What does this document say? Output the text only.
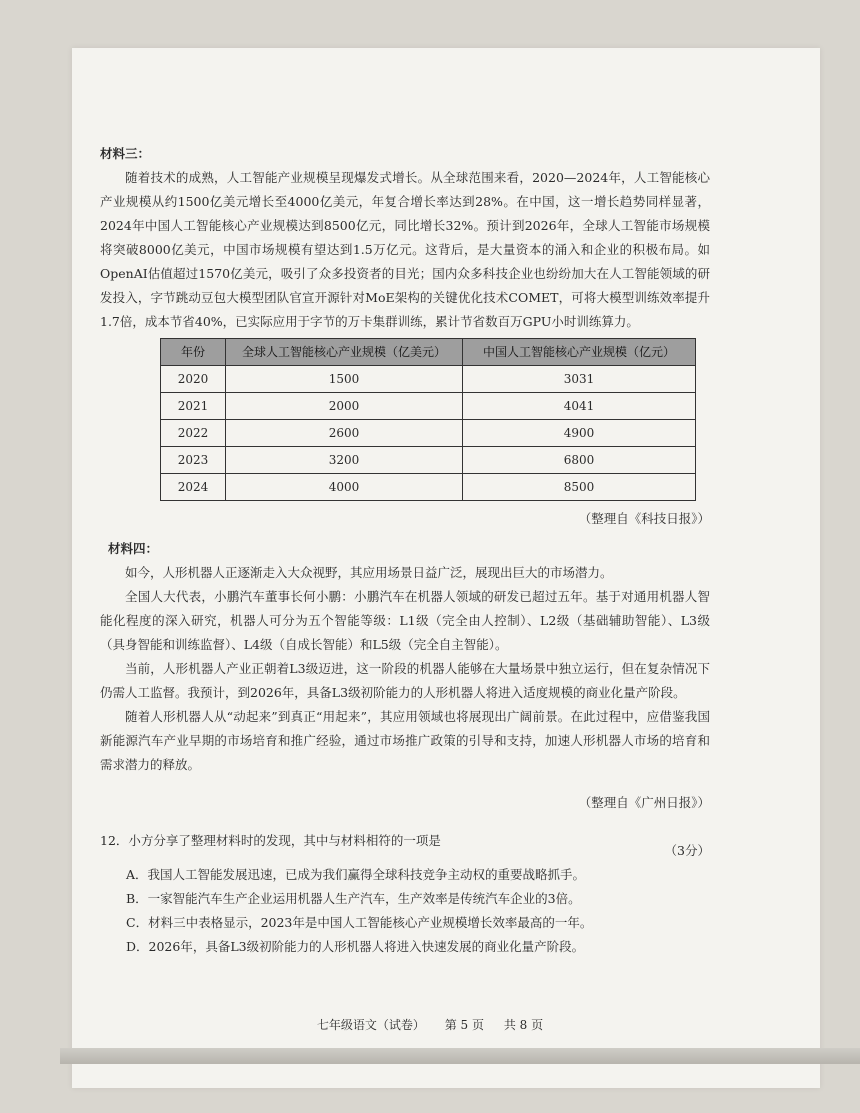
材料三：

随着技术的成熟，人工智能产业规模呈现爆发式增长。从全球范围来看，2020—2024年，人工智能核心产业规模从约1500亿美元增长至4000亿美元，年复合增长率达到28%。在中国，这一增长趋势同样显著，2024年中国人工智能核心产业规模达到8500亿元，同比增长32%。预计到2026年，全球人工智能市场规模将突破8000亿美元，中国市场规模有望达到1.5万亿元。这背后，是大量资本的涌入和企业的积极布局。如OpenAI估值超过1570亿美元，吸引了众多投资者的目光；国内众多科技企业也纷纷加大在人工智能领域的研发投入，字节跳动豆包大模型团队官宣开源针对MoE架构的关键优化技术COMET，可将大模型训练效率提升1.7倍，成本节省40%，已实际应用于字节的万卡集群训练，累计节省数百万GPU小时训练算力。

年份	全球人工智能核心产业规模（亿美元）	中国人工智能核心产业规模（亿元）
2020	1500	3031
2021	2000	4041
2022	2600	4900
2023	3200	6800
2024	4000	8500

（整理自《科技日报》）

材料四：

如今，人形机器人正逐渐走入大众视野，其应用场景日益广泛，展现出巨大的市场潜力。

全国人大代表，小鹏汽车董事长何小鹏：小鹏汽车在机器人领域的研发已超过五年。基于对通用机器人智能化程度的深入研究，机器人可分为五个智能等级：L1级（完全由人控制）、L2级（基础辅助智能）、L3级（具身智能和训练监督）、L4级（自成长智能）和L5级（完全自主智能）。

当前，人形机器人产业正朝着L3级迈进，这一阶段的机器人能够在大量场景中独立运行，但在复杂情况下仍需人工监督。我预计，到2026年，具备L3级初阶能力的人形机器人将进入适度规模的商业化量产阶段。

随着人形机器人从“动起来”到真正“用起来”，其应用领域也将展现出广阔前景。在此过程中，应借鉴我国新能源汽车产业早期的市场培育和推广经验，通过市场推广政策的引导和支持，加速人形机器人市场的培育和需求潜力的释放。

（整理自《广州日报》）

12．小方分享了整理材料时的发现，其中与材料相符的一项是
（3分）

A．我国人工智能发展迅速，已成为我们赢得全球科技竞争主动权的重要战略抓手。

B．一家智能汽车生产企业运用机器人生产汽车，生产效率是传统汽车企业的3倍。

C．材料三中表格显示，2023年是中国人工智能核心产业规模增长效率最高的一年。

D．2026年，具备L3级初阶能力的人形机器人将进入快速发展的商业化量产阶段。

七年级语文（试卷） 第 5 页 共 8 页
